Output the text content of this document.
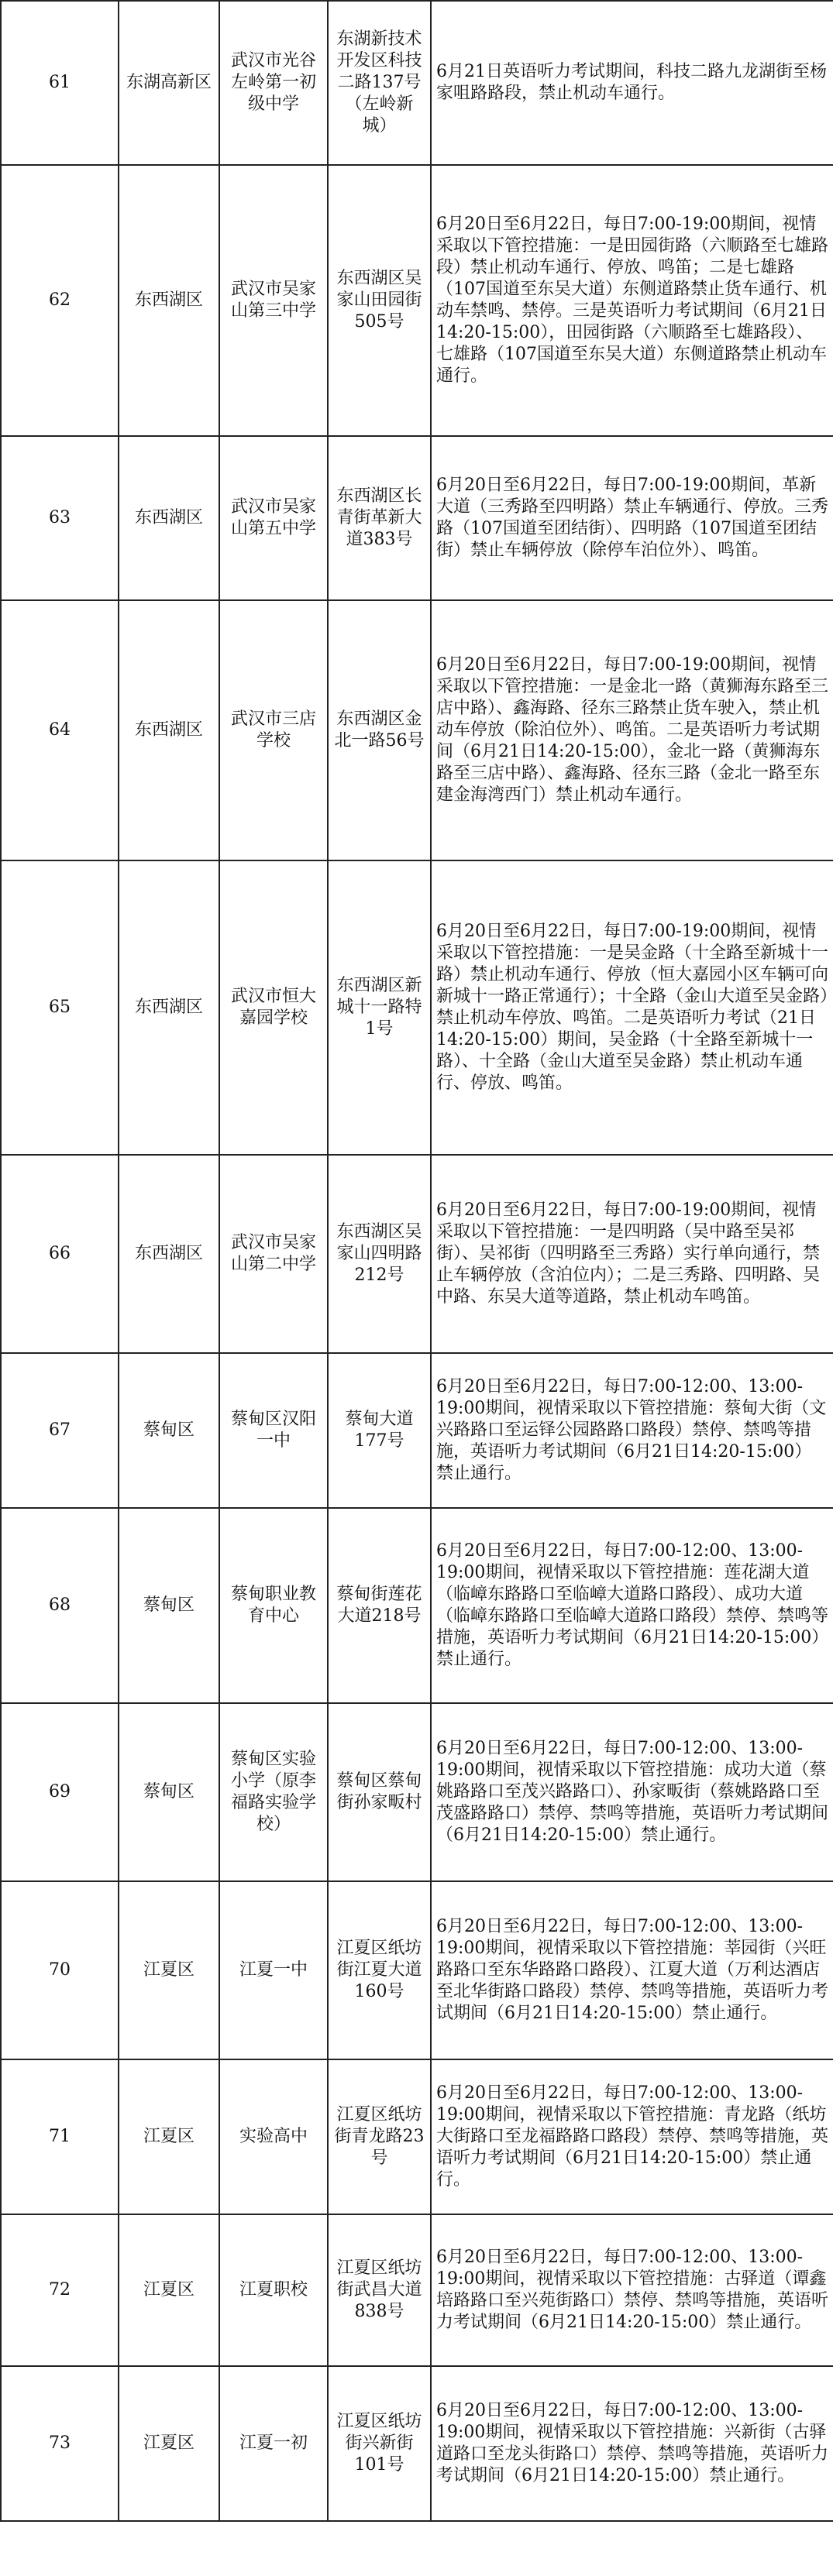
61	东湖高新区	武汉市光谷左岭第一初级中学	东湖新技术开发区科技二路137号（左岭新城）	6月21日英语听力考试期间，科技二路九龙湖街至杨家咀路路段，禁止机动车通行。
62	东西湖区	武汉市吴家山第三中学	东西湖区吴家山田园街505号	6月20日至6月22日，每日7:00-19:00期间，视情采取以下管控措施：一是田园街路（六顺路至七雄路段）禁止机动车通行、停放、鸣笛；二是七雄路（107国道至东吴大道）东侧道路禁止货车通行、机动车禁鸣、禁停。三是英语听力考试期间（6月21日14:20-15:00），田园街路（六顺路至七雄路段）、七雄路（107国道至东吴大道）东侧道路禁止机动车通行。
63	东西湖区	武汉市吴家山第五中学	东西湖区长青街革新大道383号	6月20日至6月22日，每日7:00-19:00期间，革新大道（三秀路至四明路）禁止车辆通行、停放。三秀路（107国道至团结街）、四明路（107国道至团结街）禁止车辆停放（除停车泊位外）、鸣笛。
64	东西湖区	武汉市三店学校	东西湖区金北一路56号	6月20日至6月22日，每日7:00-19:00期间，视情采取以下管控措施：一是金北一路（黄狮海东路至三店中路）、鑫海路、径东三路禁止货车驶入，禁止机动车停放（除泊位外）、鸣笛。二是英语听力考试期间（6月21日14:20-15:00），金北一路（黄狮海东路至三店中路）、鑫海路、径东三路（金北一路至东建金海湾西门）禁止机动车通行。
65	东西湖区	武汉市恒大嘉园学校	东西湖区新城十一路特1号	6月20日至6月22日，每日7:00-19:00期间，视情采取以下管控措施：一是吴金路（十全路至新城十一路）禁止机动车通行、停放（恒大嘉园小区车辆可向新城十一路正常通行）；十全路（金山大道至吴金路）禁止机动车停放、鸣笛。二是英语听力考试（21日14:20-15:00）期间，吴金路（十全路至新城十一路）、十全路（金山大道至吴金路）禁止机动车通行、停放、鸣笛。
66	东西湖区	武汉市吴家山第二中学	东西湖区吴家山四明路212号	6月20日至6月22日，每日7:00-19:00期间，视情采取以下管控措施：一是四明路（吴中路至吴祁街）、吴祁街（四明路至三秀路）实行单向通行，禁止车辆停放（含泊位内）；二是三秀路、四明路、吴中路、东吴大道等道路，禁止机动车鸣笛。
67	蔡甸区	蔡甸区汉阳一中	蔡甸大道177号	6月20日至6月22日，每日7:00-12:00、13:00-19:00期间，视情采取以下管控措施：蔡甸大街（文兴路路口至运铎公园路路口路段）禁停、禁鸣等措施，英语听力考试期间（6月21日14:20-15:00）禁止通行。
68	蔡甸区	蔡甸职业教育中心	蔡甸街莲花大道218号	6月20日至6月22日，每日7:00-12:00、13:00-19:00期间，视情采取以下管控措施：莲花湖大道（临嶂东路路口至临嶂大道路口路段）、成功大道（临嶂东路路口至临嶂大道路口路段）禁停、禁鸣等措施，英语听力考试期间（6月21日14:20-15:00）禁止通行。
69	蔡甸区	蔡甸区实验小学（原李福路实验学校）	蔡甸区蔡甸街孙家畈村	6月20日至6月22日，每日7:00-12:00、13:00-19:00期间，视情采取以下管控措施：成功大道（蔡姚路路口至茂兴路路口）、孙家畈街（蔡姚路路口至茂盛路路口）禁停、禁鸣等措施，英语听力考试期间（6月21日14:20-15:00）禁止通行。
70	江夏区	江夏一中	江夏区纸坊街江夏大道160号	6月20日至6月22日，每日7:00-12:00、13:00-19:00期间，视情采取以下管控措施：莘园街（兴旺路路口至东华路路口路段）、江夏大道（万利达酒店至北华街路口路段）禁停、禁鸣等措施，英语听力考试期间（6月21日14:20-15:00）禁止通行。
71	江夏区	实验高中	江夏区纸坊街青龙路23号	6月20日至6月22日，每日7:00-12:00、13:00-19:00期间，视情采取以下管控措施：青龙路（纸坊大街路口至龙福路路口路段）禁停、禁鸣等措施，英语听力考试期间（6月21日14:20-15:00）禁止通行。
72	江夏区	江夏职校	江夏区纸坊街武昌大道838号	6月20日至6月22日，每日7:00-12:00、13:00-19:00期间，视情采取以下管控措施：古驿道（谭鑫培路路口至兴苑街路口）禁停、禁鸣等措施，英语听力考试期间（6月21日14:20-15:00）禁止通行。
73	江夏区	江夏一初	江夏区纸坊街兴新街101号	6月20日至6月22日，每日7:00-12:00、13:00-19:00期间，视情采取以下管控措施：兴新街（古驿道路口至龙头街路口）禁停、禁鸣等措施，英语听力考试期间（6月21日14:20-15:00）禁止通行。
